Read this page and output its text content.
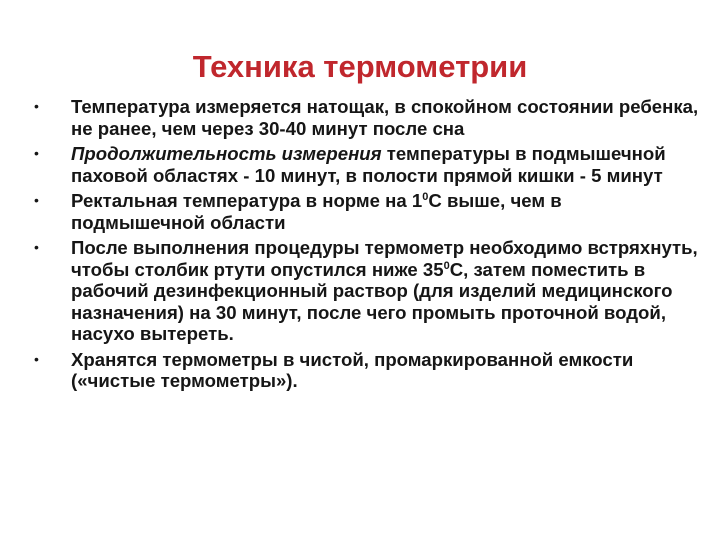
Техника термометрии
• Температура измеряется натощак, в спокойном состоянии ребенка, не ранее, чем через 30-40 минут после сна
• Продолжительность измерения температуры в подмышечной паховой областях - 10 минут, в полости прямой кишки - 5 минут
• Ректальная температура в норме на $1^0С$ выше, чем в подмышечной области
• После выполнения процедуры термометр необходимо встряхнуть, чтобы столбик ртути опустился ниже $35^0С$, затем поместить в рабочий дезинфекционный раствор (для изделий медицинского назначения) на 30 минут, после чего промыть проточной водой, насухо вытереть.
• Хранятся термометры в чистой, промаркированной емкости («чистые термометры»).
